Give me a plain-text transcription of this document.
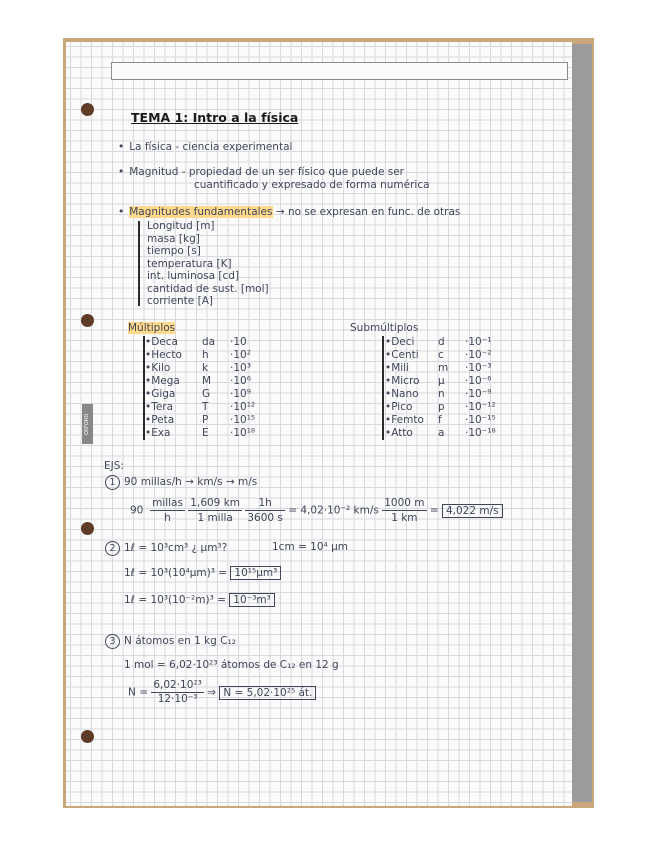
OXFORD
TEMA 1: Intro a la física
• La física - ciencia experimental
• Magnitud - propiedad de un ser físico que puede ser
cuantificado y expresado de forma numérica
• Magnitudes fundamentales → no se expresan en func. de otras
Longitud [m]
masa [kg]
tiempo [s]
temperatura [K]
int. luminosa [cd]
cantidad de sust. [mol]
corriente [A]
Múltiplos
•Deca da ·10
•Hecto h ·10²
•Kilo	k ·10³
•Mega M ·10⁶
•Giga	G ·10⁹
•Tera	T ·10¹²
•Peta	P ·10¹⁵
•Exa	E ·10¹⁸
Submúltiplos
•Deci d ·10⁻¹
•Centi c ·10⁻²
•Mili	m ·10⁻³
•Micro μ ·10⁻⁶
•Nano n ·10⁻⁹
•Pico p ·10⁻¹²
•Femto f ·10⁻¹⁵
•Atto a ·10⁻¹⁸
EJS:
1 90 millas/h → km/s → m/s
$90 \frac{\text{millas}}{h}$
$\frac{1,609 km}{\text{1 milla}}$
$\frac{1h}{3600 s} = 4,02\cdot 10^{-2}$ $km/s \frac{1000 m}{1 km} = 4,022$ m/s
2 1ℓ = 10³cm³ ¿ μm³?	1cm = 10⁴ μm
1ℓ = 10³(10⁴μm)³ = 10¹⁵μm³
1ℓ = 10³(10⁻²m)³ = 10⁻³m³
3 N átomos en 1 kg C₁₂
1 mol = 6,02·10²³ átomos de C₁₂ en 12 g
$N = \frac{\text{6,02·10²³}}{\text{12·10⁻³}}$ ⇒ N = 5,02·10²⁵ át.
